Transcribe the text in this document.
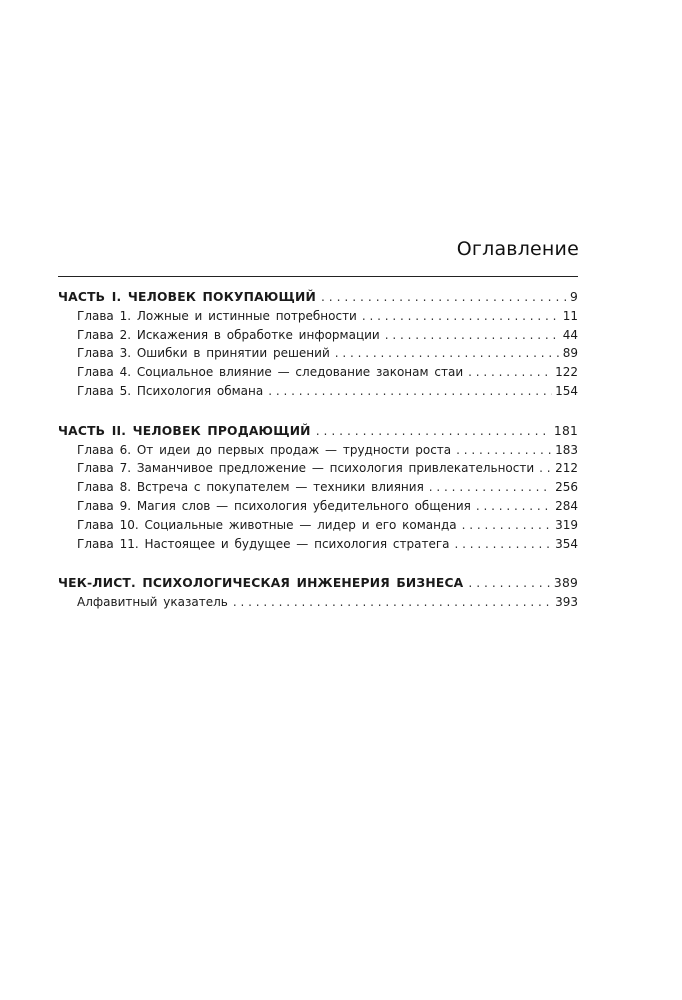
Оглавление
ЧАСТЬ I. ЧЕЛОВЕК ПОКУПАЮЩИЙ . . .	9
Глава 1. Ложные и истинные потребности . . .	11
Глава 2. Искажения в обработке информации . . .	44
Глава 3. Ошибки в принятии решений . . .	89
Глава 4. Социальное влияние — следование законам стаи . . .	122
Глава 5. Психология обмана . . .	154
ЧАСТЬ II. ЧЕЛОВЕК ПРОДАЮЩИЙ . . .	181
Глава 6. От идеи до первых продаж — трудности роста . . .	183
Глава 7. Заманчивое предложение — психология привлекательности . . . 212
Глава 8. Встреча с покупателем — техники влияния . . .	256
Глава 9. Магия слов — психология убедительного общения . . .	284
Глава 10. Социальные животные — лидер и его команда . . .	319
Глава 11. Настоящее и будущее — психология стратега . . .	354
ЧЕК-ЛИСТ. ПСИХОЛОГИЧЕСКАЯ ИНЖЕНЕРИЯ БИЗНЕСА . . .	389
Алфавитный указатель . . .	393
